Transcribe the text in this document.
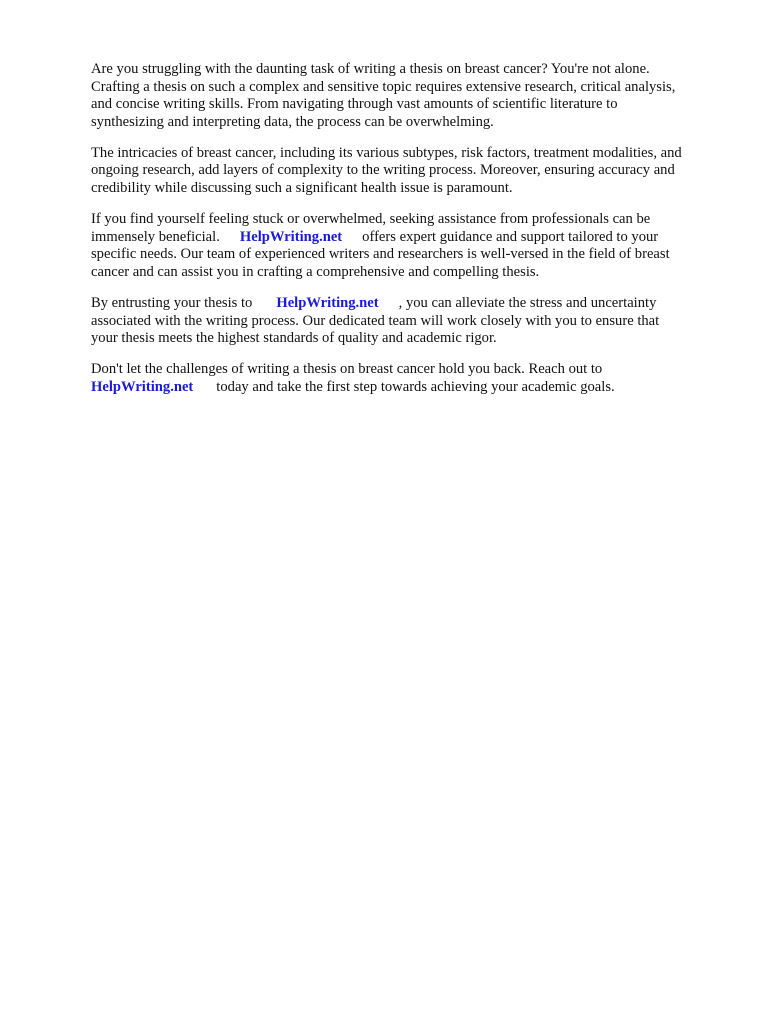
Are you struggling with the daunting task of writing a thesis on breast cancer? You're not alone.
Crafting a thesis on such a complex and sensitive topic requires extensive research, critical analysis,
and concise writing skills. From navigating through vast amounts of scientific literature to
synthesizing and interpreting data, the process can be overwhelming.

The intricacies of breast cancer, including its various subtypes, risk factors, treatment modalities, and
ongoing research, add layers of complexity to the writing process. Moreover, ensuring accuracy and
credibility while discussing such a significant health issue is paramount.

If you find yourself feeling stuck or overwhelmed, seeking assistance from professionals can be
immensely beneficial. HelpWriting.net offers expert guidance and support tailored to your
specific needs. Our team of experienced writers and researchers is well-versed in the field of breast
cancer and can assist you in crafting a comprehensive and compelling thesis.

By entrusting your thesis to HelpWriting.net , you can alleviate the stress and uncertainty
associated with the writing process. Our dedicated team will work closely with you to ensure that
your thesis meets the highest standards of quality and academic rigor.

Don't let the challenges of writing a thesis on breast cancer hold you back. Reach out to
HelpWriting.net today and take the first step towards achieving your academic goals.
